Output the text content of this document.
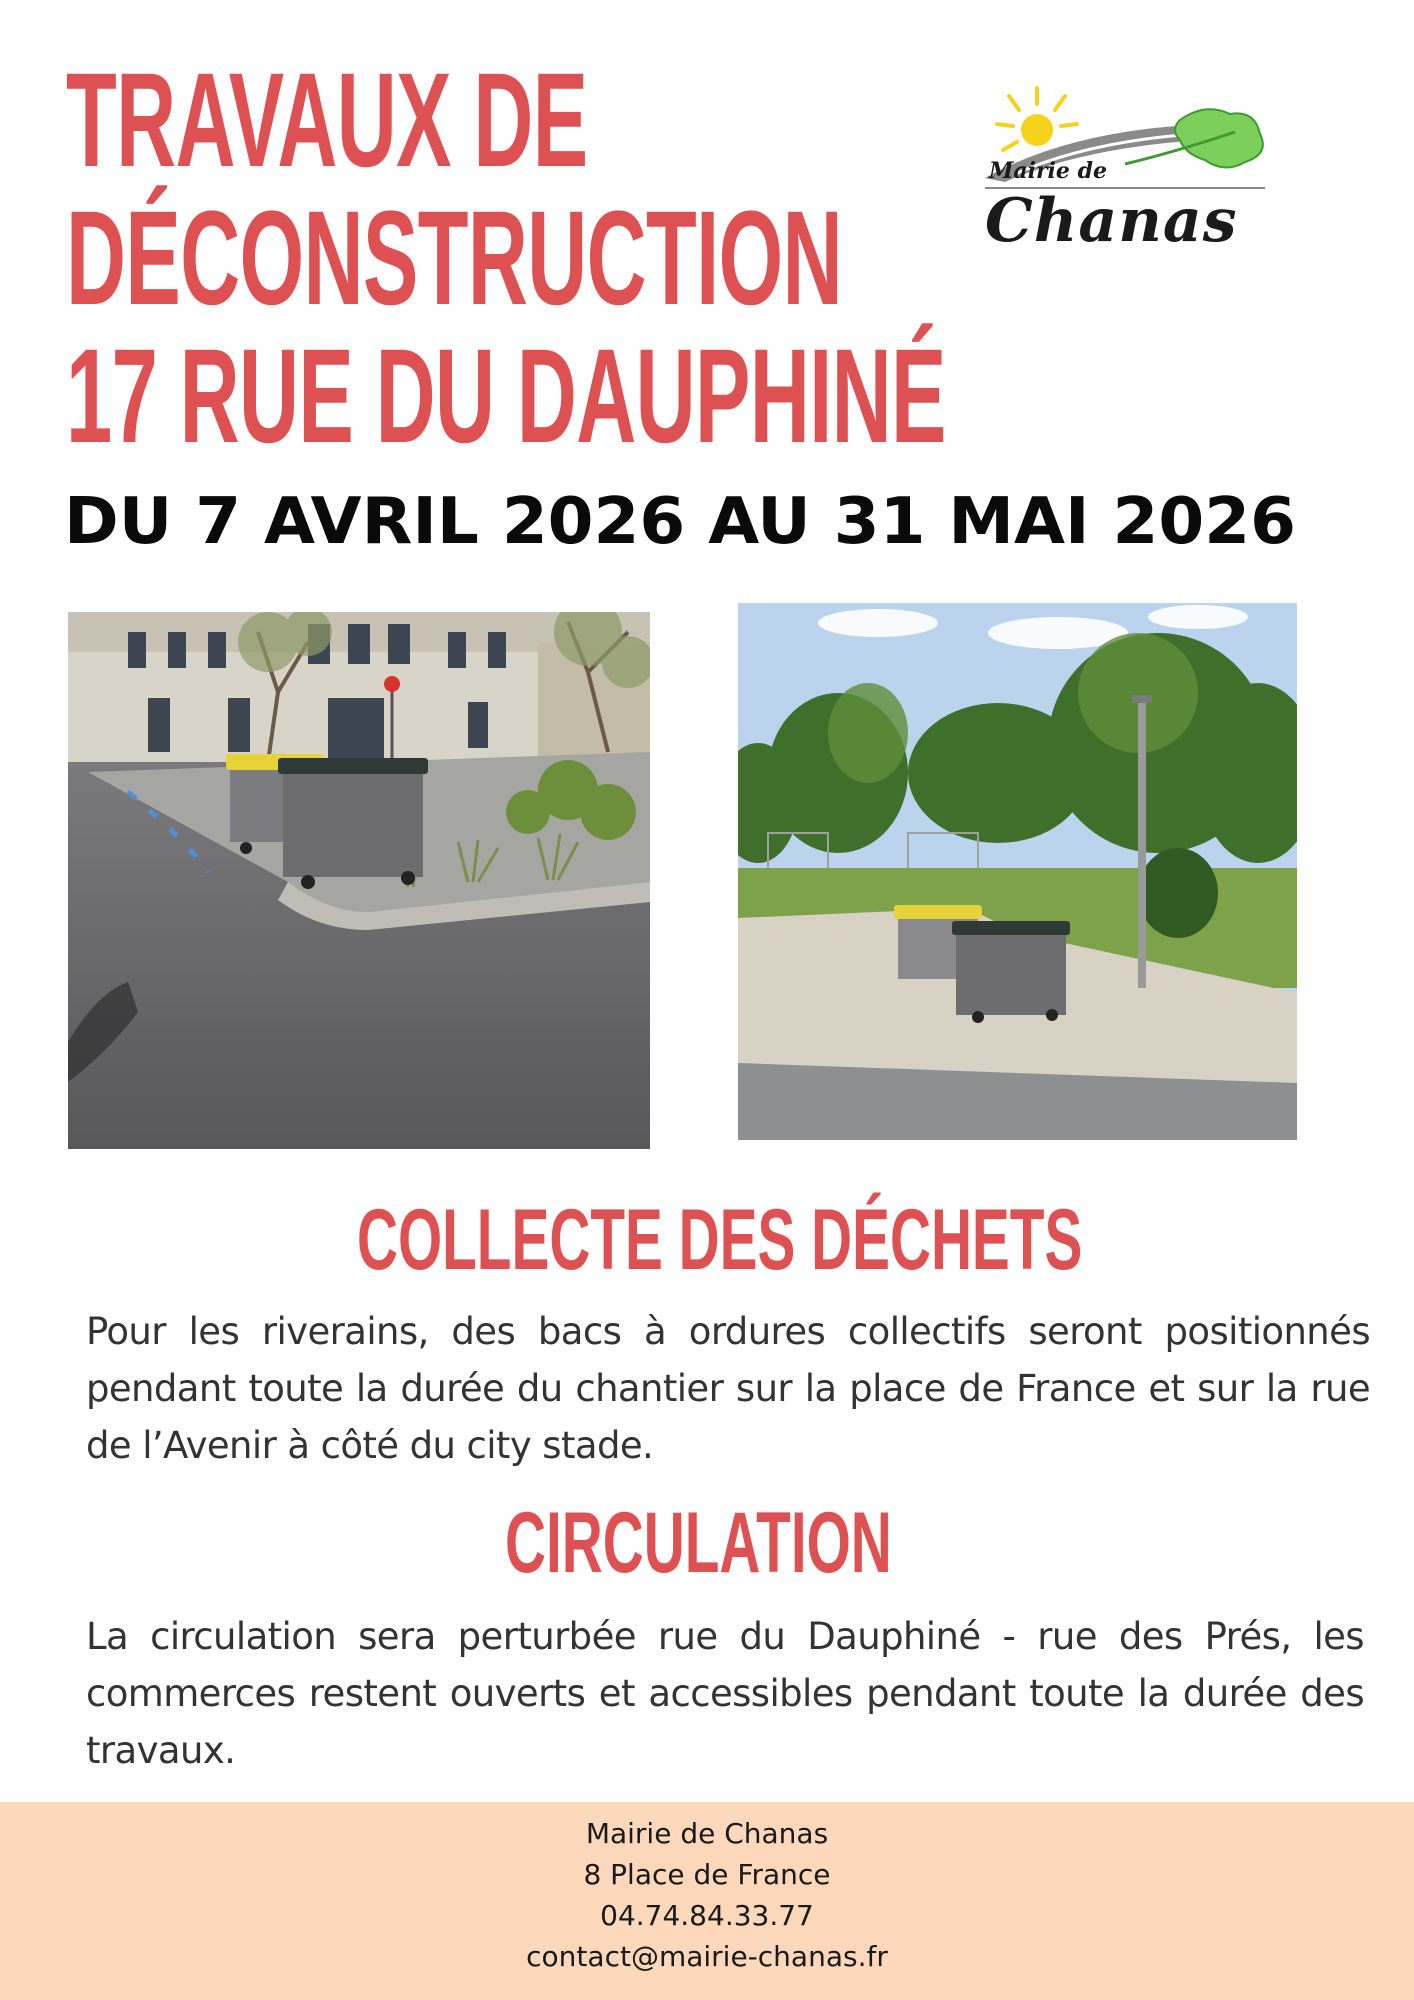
TRAVAUX DE
DÉCONSTRUCTION
17 RUE DU DAUPHINÉ
Mairie de
Chanas
DU 7 AVRIL 2026 AU 31 MAI 2026
COLLECTE DES DÉCHETS

Pour les riverains, des bacs à ordures collectifs seront positionnés pendant toute la durée du chantier sur la place de France et sur la rue de l’Avenir à côté du city stade.

CIRCULATION

La circulation sera perturbée rue du Dauphiné - rue des Prés, les commerces restent ouverts et accessibles pendant toute la durée des travaux.

Mairie de Chanas
8 Place de France
04.74.84.33.77
contact@mairie-chanas.fr
